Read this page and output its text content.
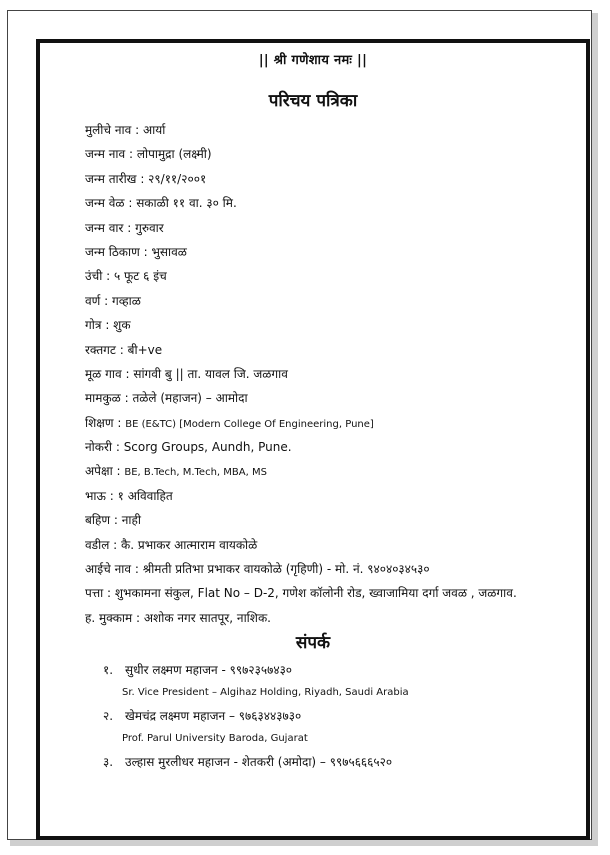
|| श्री गणेशाय नमः ||
परिचय पत्रिका
मुलीचे नाव : आर्या
जन्म नाव : लोपामुद्रा (लक्ष्मी)
जन्म तारीख : २९/११/२००१
जन्म वेळ : सकाळी ११ वा. ३० मि.
जन्म वार : गुरुवार
जन्म ठिकाण : भुसावळ
उंची : ५ फूट ६ इंच
वर्ण : गव्हाळ
गोत्र : शुक
रक्तगट : बी+ve
मूळ गाव : सांगवी बु || ता. यावल जि. जळगाव
मामकुळ : तळेले (महाजन) – आमोदा
शिक्षण : BE (E&TC) [Modern College Of Engineering, Pune]
नोकरी : Scorg Groups, Aundh, Pune.
अपेक्षा : BE, B.Tech, M.Tech, MBA, MS
भाऊ : १ अविवाहित
बहिण : नाही
वडील : कै. प्रभाकर आत्माराम वायकोळे
आईचे नाव : श्रीमती प्रतिभा प्रभाकर वायकोळे (गृहिणी) - मो. नं. ९४०४०३४५३०
पत्ता : शुभकामना संकुल, Flat No – D-2, गणेश कॉलोनी रोड, ख्वाजामिया दर्गा जवळ , जळगाव.
ह. मुक्काम : अशोक नगर सातपूर, नाशिक.
संपर्क
१. सुधीर लक्ष्मण महाजन - ९९७२३५७४३०
Sr. Vice President – Algihaz Holding, Riyadh, Saudi Arabia
२. खेमचंद्र लक्ष्मण महाजन – ९७६३४४३७३०
Prof. Parul University Baroda, Gujarat
३. उल्हास मुरलीधर महाजन - शेतकरी (अमोदा) – ९९७५६६६५२०
